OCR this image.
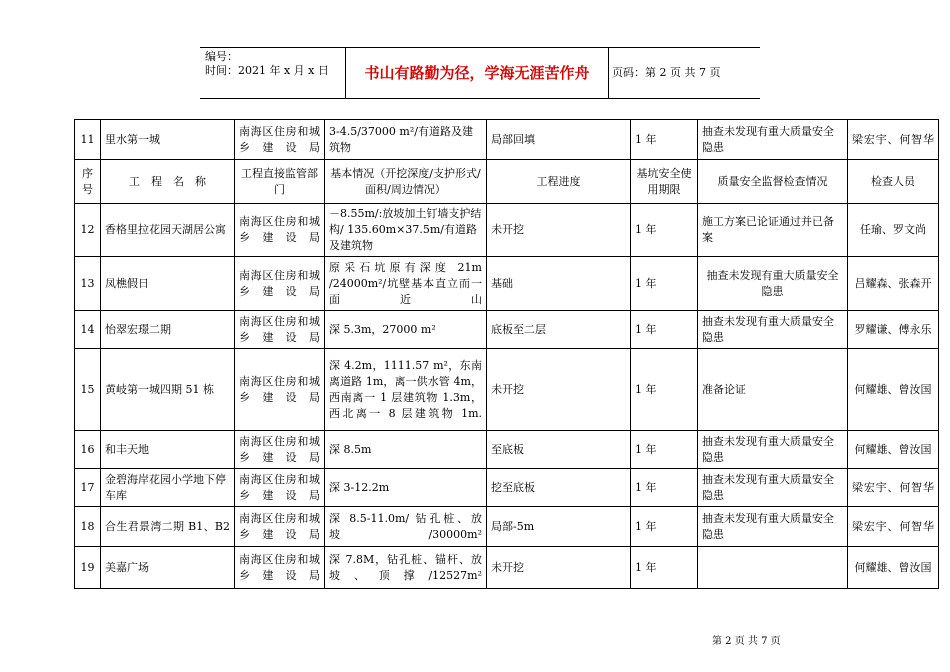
编号：
时间：2021 年 x 月 x 日	书山有路勤为径，学海无涯苦作舟	页码：第 2 页 共 7 页
11	里水第一城	南海区住房和城乡建设局	3-4.5/37000 m²/有道路及建筑物	局部回填	1 年	抽查未发现有重大质量安全隐患	梁宏宇、何智华
序号	工　程　名　称	工程直接监管部门	基本情况（开挖深度/支护形式/面积/周边情况）	工程进度	基坑安全使用期限	质量安全监督检查情况	检查人员
12	香格里拉花园天湖居公寓	南海区住房和城乡建设局	－8.55m/:放坡加土钉墙支护结构/ 135.60m×37.5m/有道路及建筑物	未开挖	1 年	施工方案已论证通过并已备案	任瑜、罗文尚
13	凤樵假日	南海区住房和城乡建设局	原采石坑原有深度 21m /24000m²/坑壁基本直立而一面近山	基础	1 年	抽查未发现有重大质量安全隐患	吕耀森、张森开
14	怡翠宏璟二期	南海区住房和城乡建设局	深 5.3m，27000 m²	底板至二层	1 年	抽查未发现有重大质量安全隐患	罗耀谦、傅永乐
15	黄岐第一城四期 51 栋	南海区住房和城乡建设局	深 4.2m，1111.57 m²，东南离道路 1m，离一供水管 4m，西南离一 1 层建筑物 1.3m，西北离一 8 层建筑物 1m.	未开挖	1 年	准备论证	何耀雄、曾汝国
16	和丰天地	南海区住房和城乡建设局	深 8.5m	至底板	1 年	抽查未发现有重大质量安全隐患	何耀雄、曾汝国
17	金碧海岸花园小学地下停车库	南海区住房和城乡建设局	深 3-12.2m	挖至底板	1 年	抽查未发现有重大质量安全隐患	梁宏宇、何智华
18	合生君景湾二期 B1、B2	南海区住房和城乡建设局	深 8.5-11.0m/ 钻孔桩、放坡/30000m²	局部-5m	1 年	抽查未发现有重大质量安全隐患	梁宏宇、何智华
19	美嘉广场	南海区住房和城乡建设局	深 7.8M，钻孔桩、锚杆、放坡、顶撑/12527m²	未开挖	1 年		何耀雄、曾汝国
第 2 页 共 7 页
